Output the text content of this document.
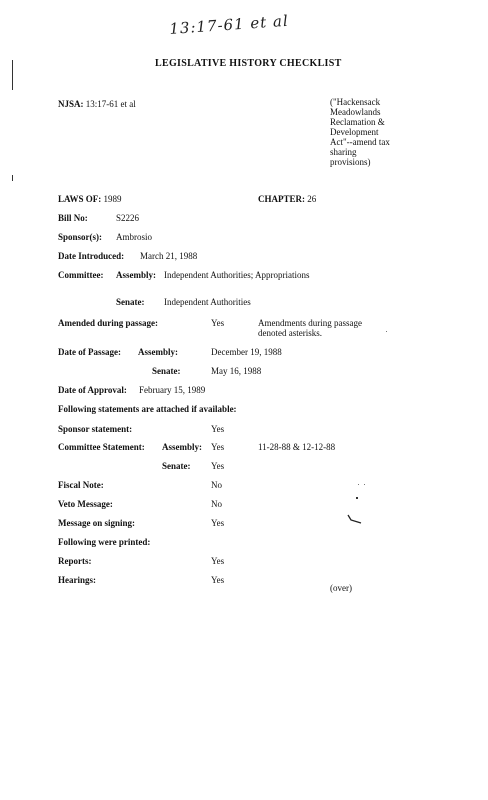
13:17-61 et al
LEGISLATIVE HISTORY CHECKLIST
NJSA: 13:17-61 et al	("Hackensack
Meadowlands
Reclamation &
Development
Act"--amend tax
sharing
provisions)
LAWS OF: 1989	CHAPTER: 26
Bill No:	S2226
Sponsor(s): Ambrosio
Date Introduced: March 21, 1988
Committee: Assembly: Independent Authorities; Appropriations
Senate: Independent Authorities
Amended during passage:	Yes	Amendments during passage
denoted asterisks.
Date of Passage: Assembly:	December 19, 1988
Senate:	May 16, 1988
Date of Approval: February 15, 1989
Following statements are attached if available:
Sponsor statement:	Yes
Committee Statement: Assembly: Yes	11-28-88 & 12-12-88
Senate: Yes
Fiscal Note:	No
Veto Message:	No
Message on signing:	Yes
Following were printed:
Reports:	Yes
Hearings:	Yes
(over)
